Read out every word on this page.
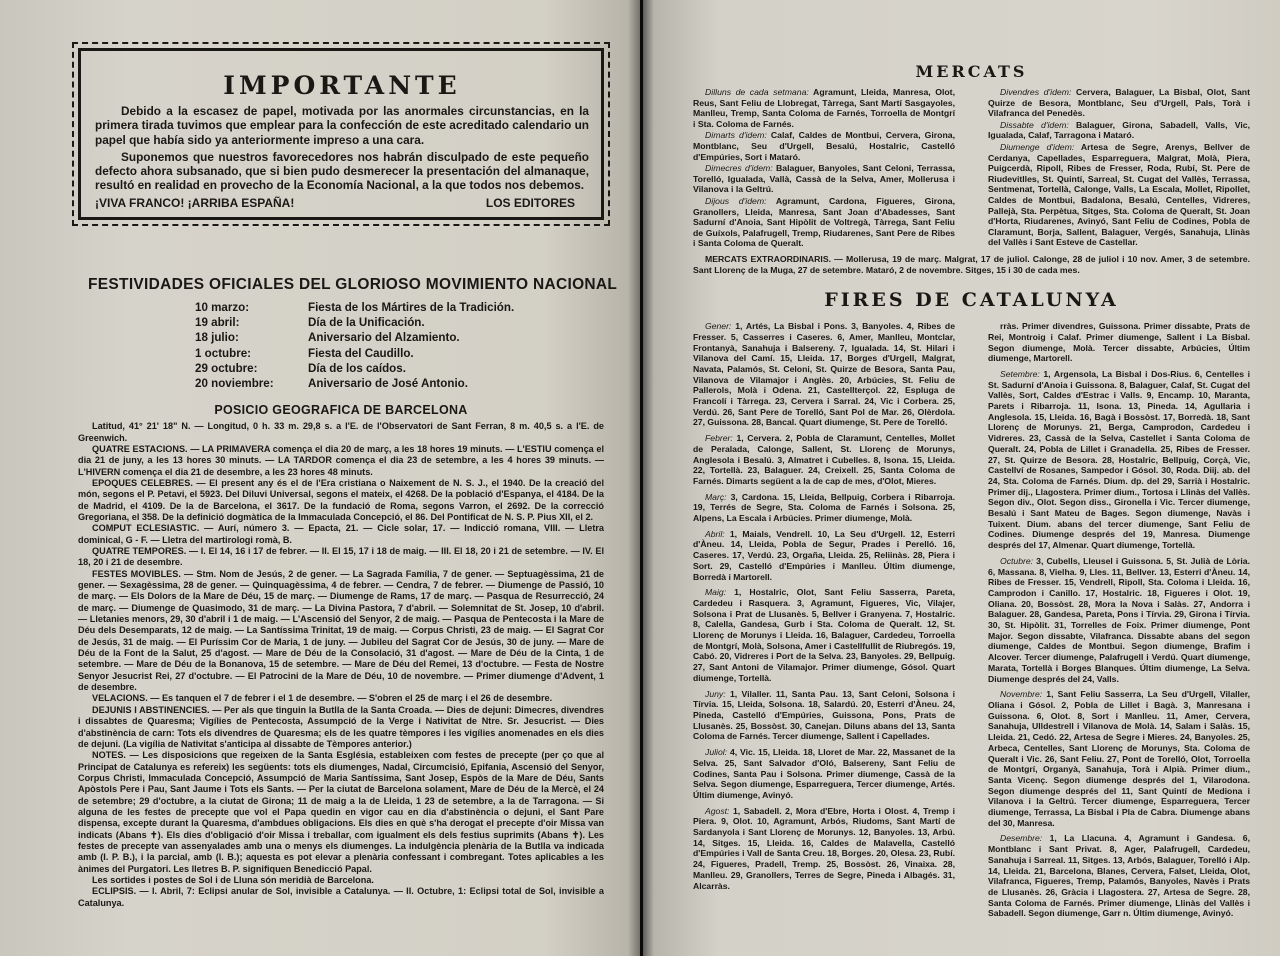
IMPORTANTE

Debido a la escasez de papel, motivada por las anormales circunstancias, en la primera tirada tuvimos que emplear para la confección de este acreditado calendario un papel que había sido ya anteriormente impreso a una cara.

Suponemos que nuestros favorecedores nos habrán disculpado de este pequeño defecto ahora subsanado, que si bien pudo desmerecer la presentación del almanaque, resultó en realidad en provecho de la Economía Nacional, a la que todos nos debemos.

¡VIVA FRANCO! ¡ARRIBA ESPAÑA!	LOS EDITORES
FESTIVIDADES OFICIALES DEL GLORIOSO MOVIMIENTO NACIONAL
10 marzo:	Fiesta de los Mártires de la Tradición.
19 abril:	Día de la Unificación.
18 julio:	Aniversario del Alzamiento.
1 octubre:	Fiesta del Caudillo.
29 octubre:	Día de los caídos.
20 noviembre:	Aniversario de José Antonio.
POSICIO GEOGRAFICA DE BARCELONA

Latitud, 41° 21' 18" N. — Longitud, 0 h. 33 m. 29,8 s. a l'E. de l'Observatori de Sant Ferran, 8 m. 40,5 s. a l'E. de Greenwich.

QUATRE ESTACIONS. — LA PRIMAVERA comença el dia 20 de març, a les 18 hores 19 minuts. — L'ESTIU comença el dia 21 de juny, a les 13 hores 30 minuts. — LA TARDOR comença el dia 23 de setembre, a les 4 hores 39 minuts. — L'HIVERN comença el dia 21 de desembre, a les 23 hores 48 minuts.

EPOQUES CELEBRES. — El present any és el de l'Era cristiana o Naixement de N. S. J., el 1940. De la creació del món, segons el P. Petavi, el 5923. Del Diluvi Universal, segons el mateix, el 4268. De la població d'Espanya, el 4184. De la de Madrid, el 4109. De la de Barcelona, el 3617. De la fundació de Roma, segons Varron, el 2692. De la correcció Gregoriana, el 358. De la definició dogmàtica de la Immaculada Concepció, el 86. Del Pontificat de N. S. P. Pius XII, el 2.

COMPUT ECLESIASTIC. — Aurí, número 3. — Epacta, 21. — Cicle solar, 17. — Indicció romana, VIII. — Lletra dominical, G - F. — Lletra del martirologi romà, B.

QUATRE TEMPORES. — I. El 14, 16 i 17 de febrer. — II. El 15, 17 i 18 de maig. — III. El 18, 20 i 21 de setembre. — IV. El 18, 20 i 21 de desembre.

FESTES MOVIBLES. — Stm. Nom de Jesús, 2 de gener. — La Sagrada Família, 7 de gener. — Septuagèssima, 21 de gener. — Sexagèssima, 28 de gener. — Quinquagèssima, 4 de febrer. — Cendra, 7 de febrer. — Diumenge de Passió, 10 de març. — Els Dolors de la Mare de Déu, 15 de març. — Diumenge de Rams, 17 de març. — Pasqua de Resurrecció, 24 de març. — Diumenge de Quasimodo, 31 de març. — La Divina Pastora, 7 d'abril. — Solemnitat de St. Josep, 10 d'abril. — Lletanies menors, 29, 30 d'abril i 1 de maig. — L'Ascensió del Senyor, 2 de maig. — Pasqua de Pentecosta i la Mare de Déu dels Desemparats, 12 de maig. — La Santíssima Trinitat, 19 de maig. — Corpus Christi, 23 de maig. — El Sagrat Cor de Jesús, 31 de maig. — El Puríssim Cor de Maria, 1 de juny. — Jubileu del Sagrat Cor de Jesús, 30 de juny. — Mare de Déu de la Font de la Salut, 25 d'agost. — Mare de Déu de la Consolació, 31 d'agost. — Mare de Déu de la Cinta, 1 de setembre. — Mare de Déu de la Bonanova, 15 de setembre. — Mare de Déu del Remei, 13 d'octubre. — Festa de Nostre Senyor Jesucrist Rei, 27 d'octubre. — El Patrocini de la Mare de Déu, 10 de novembre. — Primer diumenge d'Advent, 1 de desembre.

VELACIONS. — Es tanquen el 7 de febrer i el 1 de desembre. — S'obren el 25 de març i el 26 de desembre.

DEJUNIS I ABSTINENCIES. — Per als que tinguin la Butlla de la Santa Croada. — Dies de dejuni: Dimecres, divendres i dissabtes de Quaresma; Vigílies de Pentecosta, Assumpció de la Verge i Nativitat de Ntre. Sr. Jesucrist. — Dies d'abstinència de carn: Tots els divendres de Quaresma; els de les quatre tèmpores i les vigílies anomenades en els dies de dejuni. (La vigília de Nativitat s'anticipa al dissabte de Tèmpores anterior.)

NOTES. — Les disposicions que regeixen de la Santa Església, estableixen com festes de precepte (per ço que al Principat de Catalunya es refereix) les següents: tots els diumenges, Nadal, Circumcisió, Epifania, Ascensió del Senyor, Corpus Christi, Immaculada Concepció, Assumpció de Maria Santíssima, Sant Josep, Espòs de la Mare de Déu, Sants Apòstols Pere i Pau, Sant Jaume i Tots els Sants. — Per la ciutat de Barcelona solament, Mare de Déu de la Mercè, el 24 de setembre; 29 d'octubre, a la ciutat de Girona; 11 de maig a la de Lleida, 1 23 de setembre, a la de Tarragona. — Si alguna de les festes de precepte que vol el Papa quedin en vigor cau en dia d'abstinència o dejuni, el Sant Pare dispensa, excepte durant la Quaresma, d'ambdues obligacions. Els dies en què s'ha derogat el precepte d'oir Missa van indicats (Abans ✝). Els dies d'obligació d'oir Missa i treballar, com igualment els dels festius suprimits (Abans ✝). Les festes de precepte van assenyalades amb una o menys els diumenges. La indulgència plenària de la Butlla va indicada amb (I. P. B.), i la parcial, amb (I. B.); aquesta es pot elevar a plenària confessant i combregant. Totes aplicables a les ànimes del Purgatori. Les lletres B. P. signifiquen Benedicció Papal.

Les sortides i postes de Sol i de Lluna són meridià de Barcelona.

ECLIPSIS. — I. Abril, 7: Eclipsi anular de Sol, invisible a Catalunya. — II. Octubre, 1: Eclipsi total de Sol, invisible a Catalunya.

MERCATS

Dilluns de cada setmana: Agramunt, Lleida, Manresa, Olot, Reus, Sant Feliu de Llobregat, Tàrrega, Sant Martí Sasgayoles, Manlleu, Tremp, Santa Coloma de Farnés, Torroella de Montgrí i Sta. Coloma de Farnés.

Dimarts d'idem: Calaf, Caldes de Montbui, Cervera, Girona, Montblanc, Seu d'Urgell, Besalú, Hostalric, Castelló d'Empúries, Sort i Mataró.

Dimecres d'idem: Balaguer, Banyoles, Sant Celoni, Terrassa, Torelló, Igualada, Vallà, Cassà de la Selva, Amer, Mollerusa i Vilanova i la Geltrú.

Dijous d'idem: Agramunt, Cardona, Figueres, Girona, Granollers, Lleida, Manresa, Sant Joan d'Abadesses, Sant Sadurní d'Anoia, Sant Hipòlit de Voltregà, Tàrrega, Sant Feliu de Guíxols, Palafrugell, Tremp, Riudarenes, Sant Pere de Ribes i Santa Coloma de Queralt.

Divendres d'idem: Cervera, Balaguer, La Bisbal, Olot, Sant Quirze de Besora, Montblanc, Seu d'Urgell, Pals, Torà i Vilafranca del Penedès.

Dissabte d'idem: Balaguer, Girona, Sabadell, Valls, Vic, Igualada, Calaf, Tarragona i Mataró.

Diumenge d'idem: Artesa de Segre, Arenys, Bellver de Cerdanya, Capellades, Esparreguera, Malgrat, Molà, Piera, Puigcerdà, Ripoll, Ribes de Fresser, Roda, Rubí, St. Pere de Riudevitlles, St. Quintí, Sarreal, St. Cugat del Vallès, Terrassa, Sentmenat, Tortellà, Calonge, Valls, La Escala, Mollet, Ripollet, Caldes de Montbui, Badalona, Besalú, Centelles, Vidreres, Pallejà, Sta. Perpètua, Sitges, Sta. Coloma de Queralt, St. Joan d'Horta, Riudarenes, Avinyó, Sant Feliu de Codines, Pobla de Claramunt, Borja, Sallent, Balaguer, Vergés, Sanahuja, Llinàs del Vallès i Sant Esteve de Castellar.

MERCATS EXTRAORDINARIS. — Mollerusa, 19 de març. Malgrat, 17 de juliol. Calonge, 28 de juliol i 10 nov. Amer, 3 de setembre. Sant Llorenç de la Muga, 27 de setembre. Mataró, 2 de novembre. Sitges, 15 i 30 de cada mes.
FIRES DE CATALUNYA

Gener: 1, Artés, La Bisbal i Pons. 3, Banyoles. 4, Ribes de Fresser. 5, Casserres i Caseres. 6, Amer, Manlleu, Montclar, Frontanyà, Sanahuja i Balsereny. 7, Igualada. 14, St. Hilari i Vilanova del Camí. 15, Lleida. 17, Borges d'Urgell, Malgrat, Navata, Palamós, St. Celoni, St. Quirze de Besora, Santa Pau, Vilanova de Vilamajor i Anglès. 20, Arbúcies, St. Feliu de Pallerols, Molà i Odena. 21, Castellterçol. 22, Espluga de Francolí i Tàrrega. 23, Cervera i Sarral. 24, Vic i Corbera. 25, Verdú. 26, Sant Pere de Torelló, Sant Pol de Mar. 26, Olèrdola. 27, Guissona. 28, Bancal. Quart diumenge, St. Pere de Torelló.

Febrer: 1, Cervera. 2, Pobla de Claramunt, Centelles, Mollet de Peralada, Calonge, Sallent, St. Llorenç de Morunys, Anglesola i Besalú. 3, Almatret i Cubelles. 8, Isona. 15, Lleida. 22, Tortellà. 23, Balaguer. 24, Creixell. 25, Santa Coloma de Farnés. Dimarts següent a la de cap de mes, d'Olot, Mieres.

Març: 3, Cardona. 15, Lleida, Bellpuig, Corbera i Ribarroja. 19, Terrés de Segre, Sta. Coloma de Farnés i Solsona. 25, Alpens, La Escala i Arbúcies. Primer diumenge, Molà.

Abril: 1, Maials, Vendrell. 10, La Seu d'Urgell. 12, Esterri d'Àneu. 14, Lleida, Pobla de Segur, Prades i Perelló. 16, Caseres. 17, Verdú. 23, Orgaña, Lleida. 25, Reliinàs. 28, Piera i Sort. 29, Castelló d'Empúries i Manlleu. Últim diumenge, Borredà i Martorell.

Maig: 1, Hostalric, Olot, Sant Feliu Sasserra, Pareta, Cardedeu i Rasquera. 3, Agramunt, Figueres, Vic, Vilajer, Solsona i Prat de Llusanès. 5, Bellver i Granyena. 7, Hostalric. 8, Calella, Gandesa, Gurb i Sta. Coloma de Queralt. 12, St. Llorenç de Morunys i Lleida. 16, Balaguer, Cardedeu, Torroella de Montgrí, Molà, Solsona, Amer i Castellfullit de Riubregós. 19, Cabó. 20, Vidreres i Port de la Selva. 23, Banyoles. 29, Bellpuig. 27, Sant Antoni de Vilamajor. Primer diumenge, Gósol. Quart diumenge, Tortellà.

Juny: 1, Vilaller. 11, Santa Pau. 13, Sant Celoni, Solsona i Tírvia. 15, Lleida, Solsona. 18, Salardú. 20, Esterri d'Àneu. 24, Pineda, Castelló d'Empúries, Guissona, Pons, Prats de Llusanès. 25, Bossòst. 30, Canejan. Diluns abans del 13, Santa Coloma de Farnés. Tercer diumenge, Sallent i Capellades.

Juliol: 4, Vic. 15, Lleida. 18, Lloret de Mar. 22, Massanet de la Selva. 25, Sant Salvador d'Oló, Balsereny, Sant Feliu de Codines, Santa Pau i Solsona. Primer diumenge, Cassà de la Selva. Segon diumenge, Esparreguera, Tercer diumenge, Artés. Últim diumenge, Avinyó.

Agost: 1, Sabadell. 2, Mora d'Ebre, Horta i Olost. 4, Tremp i Piera. 9, Olot. 10, Agramunt, Arbós, Riudoms, Sant Martí de Sardanyola i Sant Llorenç de Morunys. 12, Banyoles. 13, Arbú. 14, Sitges. 15, Lleida. 16, Caldes de Malavella, Castelló d'Empúries i Vall de Santa Creu. 18, Borges. 20, Olesa. 23, Rubí. 24, Figueres, Pradell, Tremp. 25, Bossòst. 26, Vinaixa. 28, Manlleu. 29, Granollers, Terres de Segre, Pineda i Albagés. 31, Alcarràs.

rràs. Primer divendres, Guissona. Primer dissabte, Prats de Rei, Montroig i Calaf. Primer diumenge, Sallent i La Bisbal. Segon diumenge, Molà. Tercer dissabte, Arbúcies, Últim diumenge, Martorell.

Setembre: 1, Argensola, La Bisbal i Dos-Rius. 6, Centelles i St. Sadurní d'Anoia i Guissona. 8, Balaguer, Calaf, St. Cugat del Vallès, Sort, Caldes d'Estrac i Valls. 9, Encamp. 10, Maranta, Parets i Ribarroja. 11, Isona. 13, Pineda. 14, Agullaria i Anglesola. 15, Lleida. 16, Bagà i Bossòst. 17, Borredà. 18, Sant Llorenç de Morunys. 21, Berga, Camprodon, Cardedeu i Vidreres. 23, Cassà de la Selva, Castellet i Santa Coloma de Queralt. 24, Pobla de Lillet i Granadella. 25, Ribes de Fresser. 27, St. Quirze de Besora. 28, Hostalric, Bellpuig, Corçà, Vic, Castellví de Rosanes, Sampedor i Gósol. 30, Roda. Diij. ab. del 24, Sta. Coloma de Farnés. Dium. dp. del 29, Sarrià i Hostalric. Primer dij., Llagostera. Primer dium., Tortosa i Llinàs del Vallès. Segon div., Olot. Segon diss., Gironella i Vic. Tercer diumenge, Besalú i Sant Mateu de Bages. Segon diumenge, Navàs i Tuixent. Dium. abans del tercer diumenge, Sant Feliu de Codines. Diumenge després del 19, Manresa. Diumenge després del 17, Almenar. Quart diumenge, Tortellà.

Octubre: 3, Cubells, Lleusel i Guissona. 5, St. Julià de Lòria. 6, Massana. 8, Vielha. 9, Lles. 11, Bellver. 13, Esterri d'Àneu. 14, Ribes de Fresser. 15, Vendrell, Ripoll, Sta. Coloma i Lleida. 16, Camprodon i Canillo. 17, Hostalric. 18, Figueres i Olot. 19, Oliana. 20, Bossòst. 28, Mora la Nova i Salàs. 27, Andorra i Balaguer. 28, Gandesa, Pareta, Pons i Tírvia. 29, Girona i Tírvia. 30, St. Hipòlit. 31, Torrelles de Foix. Primer diumenge, Pont Major. Segon dissabte, Vilafranca. Dissabte abans del segon diumenge, Caldes de Montbui. Segon diumenge, Brafim i Alcover. Tercer diumenge, Palafrugell i Verdú. Quart diumenge, Marata, Tortellà i Borges Blanques. Últim diumenge, La Selva. Diumenge després del 24, Valls.

Novembre: 1, Sant Feliu Sasserra, La Seu d'Urgell, Vilaller, Oliana i Gósol. 2, Pobla de Lillet i Bagà. 3, Manresana i Guissona. 6, Olot. 8, Sort i Manlleu. 11, Amer, Cervera, Sanahuja, Ulldestrell i Vilanova de Molà. 14, Salam i Salàs. 15, Lleida. 21, Cedó. 22, Artesa de Segre i Mieres. 24, Banyoles. 25, Arbeca, Centelles, Sant Llorenç de Morunys, Sta. Coloma de Queralt i Vic. 26, Sant Feliu. 27, Pont de Torelló, Olot, Torroella de Montgrí, Organyà, Sanahuja, Torà i Alpià. Primer dium., Santa Vicenç. Segon diumenge després del 1, Vilarodona. Segon diumenge després del 11, Sant Quintí de Mediona i Vilanova i la Geltrú. Tercer diumenge, Esparreguera, Tercer diumenge, Terrassa, La Bisbal i Pla de Cabra. Diumenge abans del 30, Manresa.

Desembre: 1, La Llacuna. 4, Agramunt i Gandesa. 6, Montblanc i Sant Privat. 8, Ager, Palafrugell, Cardedeu, Sanahuja i Sarreal. 11, Sitges. 13, Arbós, Balaguer, Torelló i Alp. 14, Lleida. 21, Barcelona, Blanes, Cervera, Falset, Lleida, Olot, Vilafranca, Figueres, Tremp, Palamós, Banyoles, Navès i Prats de Llusanès. 26, Gràcia i Llagostera. 27, Artesa de Segre. 28, Santa Coloma de Farnés. Primer diumenge, Llinàs del Vallès i Sabadell. Segon diumenge, Garr n. Últim diumenge, Avinyó.
